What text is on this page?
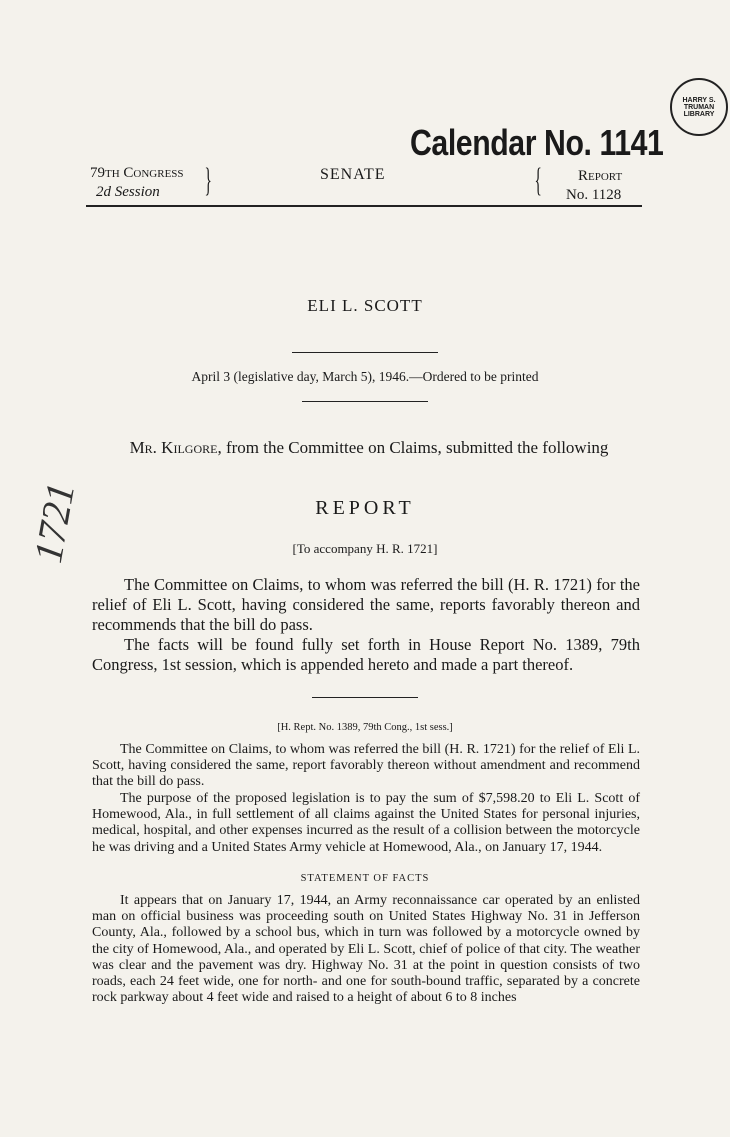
HARRY S. TRUMAN LIBRARY
Calendar No. 1141
79th Congress
2d Session	}	SENATE	{	Report
No. 1128
ELI L. SCOTT
April 3 (legislative day, March 5), 1946.—Ordered to be printed
Mr. Kilgore, from the Committee on Claims, submitted the following
REPORT
[To accompany H. R. 1721]

The Committee on Claims, to whom was referred the bill (H. R. 1721) for the relief of Eli L. Scott, having considered the same, reports favorably thereon and recommends that the bill do pass.

The facts will be found fully set forth in House Report No. 1389, 79th Congress, 1st session, which is appended hereto and made a part thereof.

[H. Rept. No. 1389, 79th Cong., 1st sess.]

The Committee on Claims, to whom was referred the bill (H. R. 1721) for the relief of Eli L. Scott, having considered the same, report favorably thereon without amendment and recommend that the bill do pass.

The purpose of the proposed legislation is to pay the sum of $7,598.20 to Eli L. Scott of Homewood, Ala., in full settlement of all claims against the United States for personal injuries, medical, hospital, and other expenses incurred as the result of a collision between the motorcycle he was driving and a United States Army vehicle at Homewood, Ala., on January 17, 1944.

STATEMENT OF FACTS

It appears that on January 17, 1944, an Army reconnaissance car operated by an enlisted man on official business was proceeding south on United States Highway No. 31 in Jefferson County, Ala., followed by a school bus, which in turn was followed by a motorcycle owned by the city of Homewood, Ala., and operated by Eli L. Scott, chief of police of that city. The weather was clear and the pavement was dry. Highway No. 31 at the point in question consists of two roads, each 24 feet wide, one for north- and one for south-bound traffic, separated by a concrete rock parkway about 4 feet wide and raised to a height of about 6 to 8 inches

1721
